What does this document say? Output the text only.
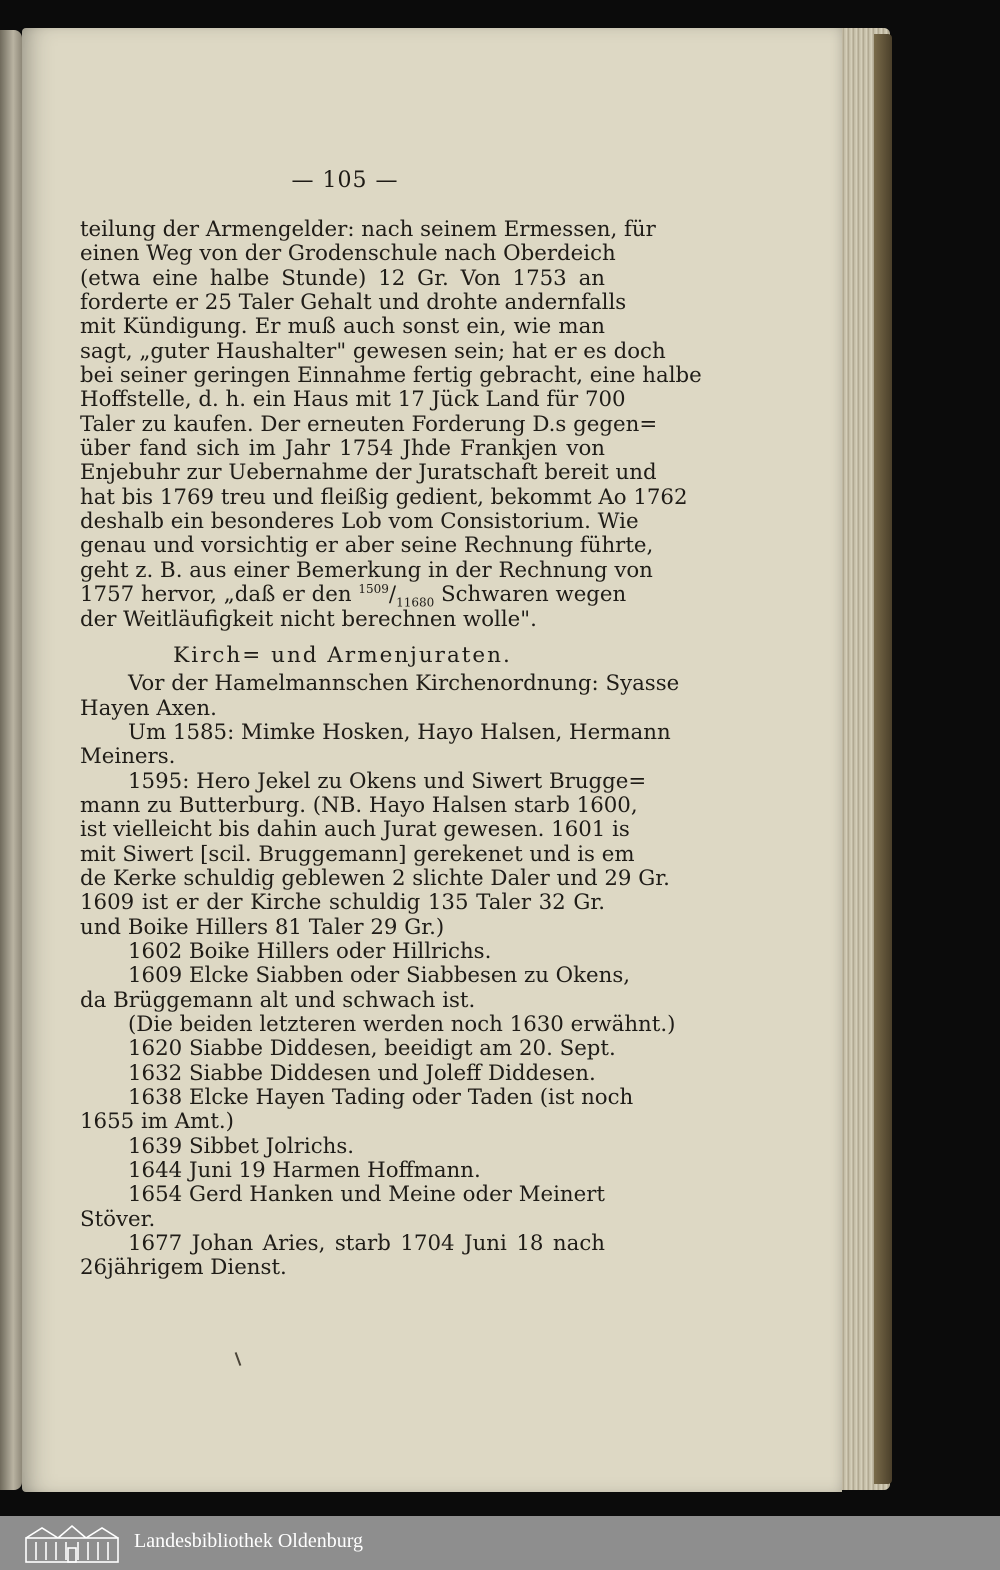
— 105 —
teilung der Armengelder: nach seinem Ermessen, für
einen Weg von der Grodenschule nach Oberdeich
(etwa eine halbe Stunde) 12 Gr. Von 1753 an
forderte er 25 Taler Gehalt und drohte andernfalls
mit Kündigung. Er muß auch sonst ein, wie man
sagt, „guter Haushalter" gewesen sein; hat er es doch
bei seiner geringen Einnahme fertig gebracht, eine halbe
Hoffstelle, d. h. ein Haus mit 17 Jück Land für 700
Taler zu kaufen. Der erneuten Forderung D.s gegen=
über fand sich im Jahr 1754 Jhde Frankjen von
Enjebuhr zur Uebernahme der Juratschaft bereit und
hat bis 1769 treu und fleißig gedient, bekommt Ao 1762
deshalb ein besonderes Lob vom Consistorium. Wie
genau und vorsichtig er aber seine Rechnung führte,
geht z. B. aus einer Bemerkung in der Rechnung von
1757 hervor, „daß er den $^{1509}/_{11680}$ Schwaren wegen
der Weitläufigkeit nicht berechnen wolle".
Kirch= und Armenjuraten.
Vor der Hamelmannschen Kirchenordnung: Syasse
Hayen Axen.
Um 1585: Mimke Hosken, Hayo Halsen, Hermann
Meiners.
1595: Hero Jekel zu Okens und Siwert Brugge=
mann zu Butterburg. (NB. Hayo Halsen starb 1600,
ist vielleicht bis dahin auch Jurat gewesen. 1601 is
mit Siwert [scil. Bruggemann] gerekenet und is em
de Kerke schuldig geblewen 2 slichte Daler und 29 Gr.
1609 ist er der Kirche schuldig 135 Taler 32 Gr.
und Boike Hillers 81 Taler 29 Gr.)
1602 Boike Hillers oder Hillrichs.
1609 Elcke Siabben oder Siabbesen zu Okens,
da Brüggemann alt und schwach ist.
(Die beiden letzteren werden noch 1630 erwähnt.)
1620 Siabbe Diddesen, beeidigt am 20. Sept.
1632 Siabbe Diddesen und Joleff Diddesen.
1638 Elcke Hayen Tading oder Taden (ist noch
1655 im Amt.)
1639 Sibbet Jolrichs.
1644 Juni 19 Harmen Hoffmann.
1654 Gerd Hanken und Meine oder Meinert
Stöver.
1677 Johan Aries, starb 1704 Juni 18 nach
26jährigem Dienst.
Landesbibliothek Oldenburg
